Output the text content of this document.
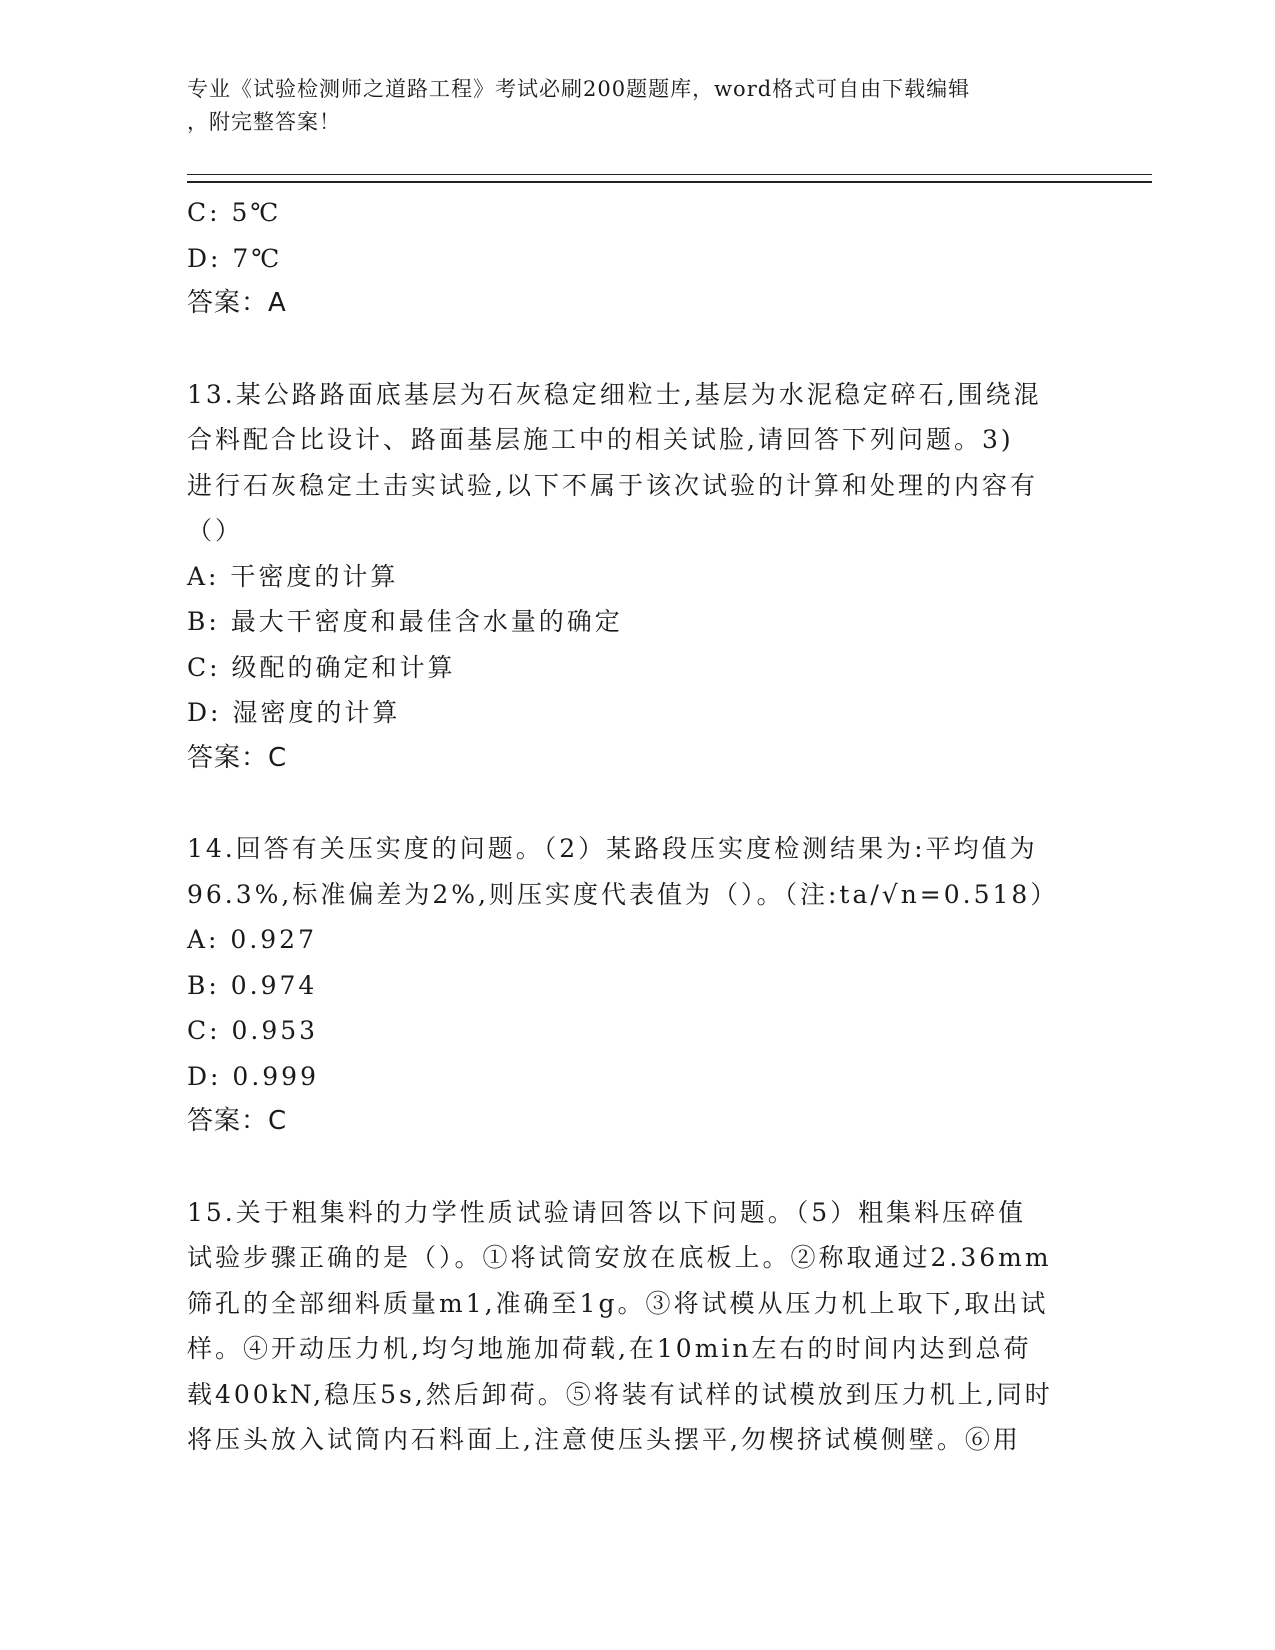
专业《试验检测师之道路工程》考试必刷200题题库，word格式可自由下载编辑
，附完整答案！
C: 5℃
D: 7℃
答案：A
13.某公路路面底基层为石灰稳定细粒士,基层为水泥稳定碎石,围绕混
合料配合比设计、路面基层施工中的相关试脸,请回答下列问题。3)
进行石灰稳定土击实试验,以下不属于该次试验的计算和处理的内容有
（）
A: 干密度的计算
B: 最大干密度和最佳含水量的确定
C: 级配的确定和计算
D: 湿密度的计算
答案：C
14.回答有关压实度的问题。（2）某路段压实度检测结果为:平均值为
96.3%,标准偏差为2%,则压实度代表值为（）。（注:ta/√n=0.518）
A: 0.927
B: 0.974
C: 0.953
D: 0.999
答案：C
15.关于粗集料的力学性质试验请回答以下问题。（5）粗集料压碎值
试验步骤正确的是（）。①将试筒安放在底板上。②称取通过2.36mm
筛孔的全部细料质量m1,准确至1g。③将试模从压力机上取下,取出试
样。④开动压力机,均匀地施加荷载,在10min左右的时间内达到总荷
载400kN,稳压5s,然后卸荷。⑤将装有试样的试模放到压力机上,同时
将压头放入试筒内石料面上,注意使压头摆平,勿楔挤试模侧壁。⑥用
